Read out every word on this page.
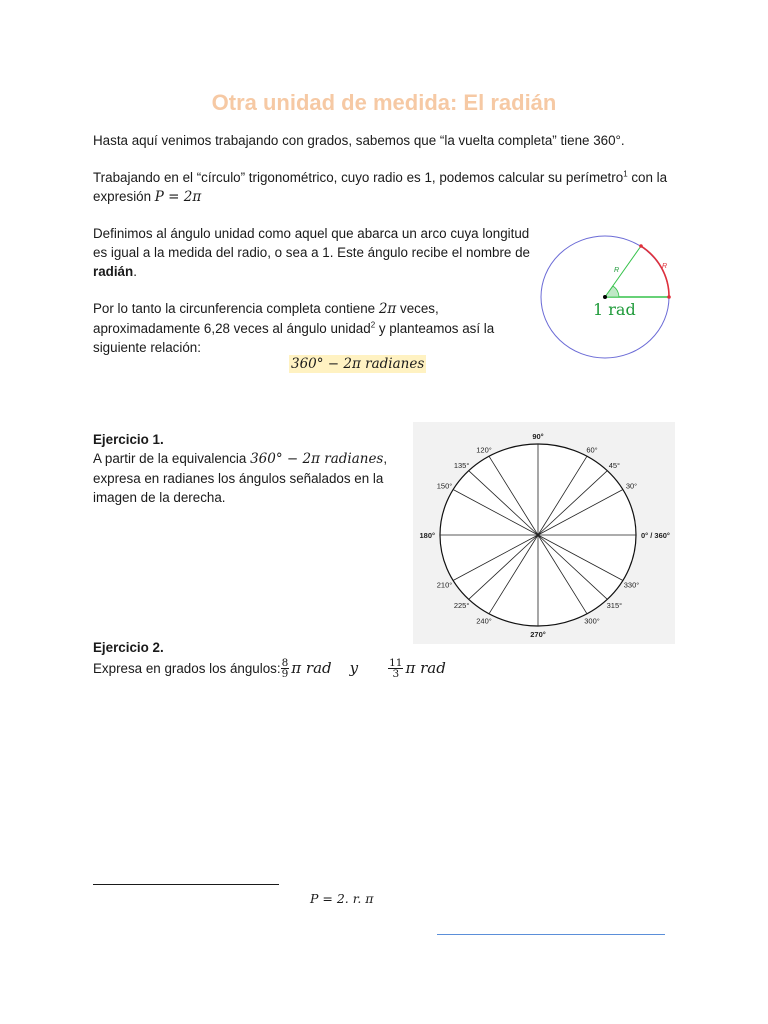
Otra unidad de medida: El radián
Hasta aquí venimos trabajando con grados, sabemos que “la vuelta completa” tiene 360°.
Trabajando en el “círculo” trigonométrico, cuyo radio es 1, podemos calcular su perímetro$^1$ con la
expresión P = 2π
Definimos al ángulo unidad como aquel que abarca un arco cuya longitud
es igual a la medida del radio, o sea a 1. Este ángulo recibe el nombre de
radián.
Por lo tanto la circunferencia completa contiene 2π veces,
aproximadamente 6,28 veces al ángulo unidad$^2$ y planteamos así la
siguiente relación:
360° − 2π radianes
R
R
1 rad
Ejercicio 1.
A partir de la equivalencia 360° − 2π radianes,
expresa en radianes los ángulos señalados en la
imagen de la derecha.
90°
60°
45°
30°
0° / 360°
330°
315°
300°
270°
240°
225°
210°
180°
150°
135°
120°
Ejercicio 2.
Expresa en grados los ángulos: $\frac{8}{9}$ π rad y	$\frac{11}{3}$ π rad
P = 2. r. π
